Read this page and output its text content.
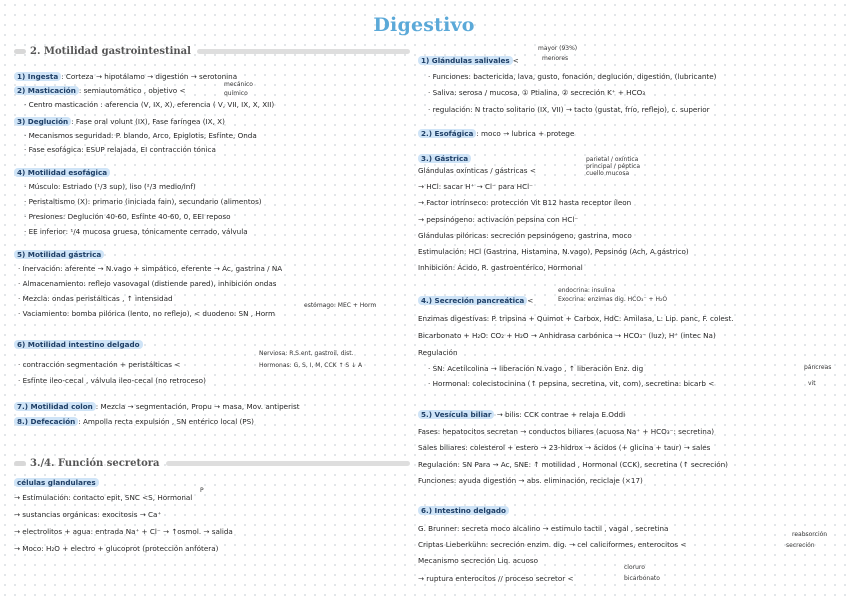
Digestivo
2. Motilidad gastrointestinal
1) Ingesta : Corteza → hipotálamo → digestión → serotonina
2) Masticación : semiautomático , objetivo <
mecánico
químico
· Centro masticación : aferencia (V, IX, X), eferencia ( V, VII, IX, X, XII)
3) Deglución : Fase oral volunt (IX), Fase faríngea (IX, X)
· Mecanismos seguridad: P. blando, Arco, Epiglotis, Esfínte, Onda
· Fase esofágica: ESUP relajada, EI contracción tónica
4) Motilidad esofágica
· Músculo: Estriado (¹/3 sup), liso (²/3 medio/inf)
· Peristaltismo (X): primario (iniciada fain), secundario (alimentos)
· Presiones: Deglución 40-60, Esfínte 40-60, 0, EEI reposo
· EE inferior: ¹/4 mucosa gruesa, tónicamente cerrado, válvula
5) Motilidad gástrica
· Inervación: aferente → N.vago + simpático, eferente → Ac, gastrina / NA
· Almacenamiento: reflejo vasovagal (distiende pared), inhibición ondas
· Mezcla: ondas peristálticas , ↑ intensidad
estómago: MEC + Horm
· Vaciamiento: bomba pilórica (lento, no reflejo), < duodeno: SN , Horm
6) Motilidad intestino delgado
· contracción segmentación + peristálticas <
Nerviosa: R.S.ent, gastroil, dist.
Hormonas: G, S, I, M, CCK ↑ S ↓ A
· Esfínte ileo-cecal , válvula ileo-cecal (no retroceso)
7.) Motilidad colon : Mezcla → segmentación, Propu → masa, Mov. antiperist
8.) Defecación : Ampolla recta expulsión , SN entérico local (PS)
3./4. Función secretora
células glandulares
→ Estimulación: contacto epit, SNC <S, Hormonal
P
→ sustancias orgánicas: exocitosis → Ca⁺
→ electrolitos + agua: entrada Na⁺ + Cl⁻ → ↑osmol. → salida
→ Moco: H₂O + electro + glucoprot (protección anfótera)
mayor (93%)
1) Glándulas salivales <	menores
· Funciones: bactericida, lava, gusto, fonación, deglución, digestión, (lubricante)
· Saliva: serosa / mucosa, ① Ptialina, ② secreción K⁺ + HCO₃
· regulación: N tracto solitario (IX, VII) → tacto (gustat, frío, reflejo), c. superior
2.) Esofágica : moco → lubrica + protege
3.) Gástrica	parietal / oxíntica
principal / péptica
cuello mucosa
Glándulas oxínticas / gástricas <
→ HCl: sacar H⁺ → Cl⁻ para HCl⁻
→ Factor intrínseco: protección Vit B12 hasta receptor íleon
→ pepsinógeno: activación pepsina con HCl⁻
Glándulas pilóricas: secreción pepsinógeno, gastrina, moco
Estimulación: HCl (Gastrina, Histamina, N.vago), Pepsinóg (Ach, A.gástrico)
Inhibición: Ácido, R. gastroentérico, Hormonal
endocrina: insulina
4.) Secreción pancreática <	Exocrina: enzimas dig. HCO₃⁻ + H₂O
Enzimas digestivas: P. tripsina + Quimot + Carbox, HdC: Amilasa, L: Lip. panc, F. colest.
Bicarbonato + H₂O: CO₂ + H₂O → Anhidrasa carbónica → HCO₃⁻ (luz), H⁺ (intec Na)
Regulación
· SN: Acetilcolina → liberación N.vago , ↑ liberación Enz. dig	páncreas
· Hormonal: colecistocinina (↑ pepsina, secretina, vit, com), secretina: bicarb <	vit
5.) Vesícula biliar → bilis: CCK contrae + relaja E.Oddi
Fases: hepatocitos secretan → conductos biliares (acuosa Na⁺ + HCO₃⁻: secretina)
Sales biliares: colesterol + estero → 23-hidrox → ácidos (+ glicina + taur) → sales
Regulación: SN Para → Ac, SNE: ↑ motilidad , Hormonal (CCK), secretina (↑ secreción)
Funciones: ayuda digestión → abs. eliminación, reciclaje (×17)
6.) Intestino delgado
G. Brunner: secreta moco alcalino → estimulo tactil , vagal , secretina
reabsorción
Criptas Lieberkühn: secreción enzim. dig. → cel caliciformes, enterocitos <	secreción
Mecanismo secreción Liq. acuoso
cloruro
→ ruptura enterocitos // proceso secretor <	bicarbonato
